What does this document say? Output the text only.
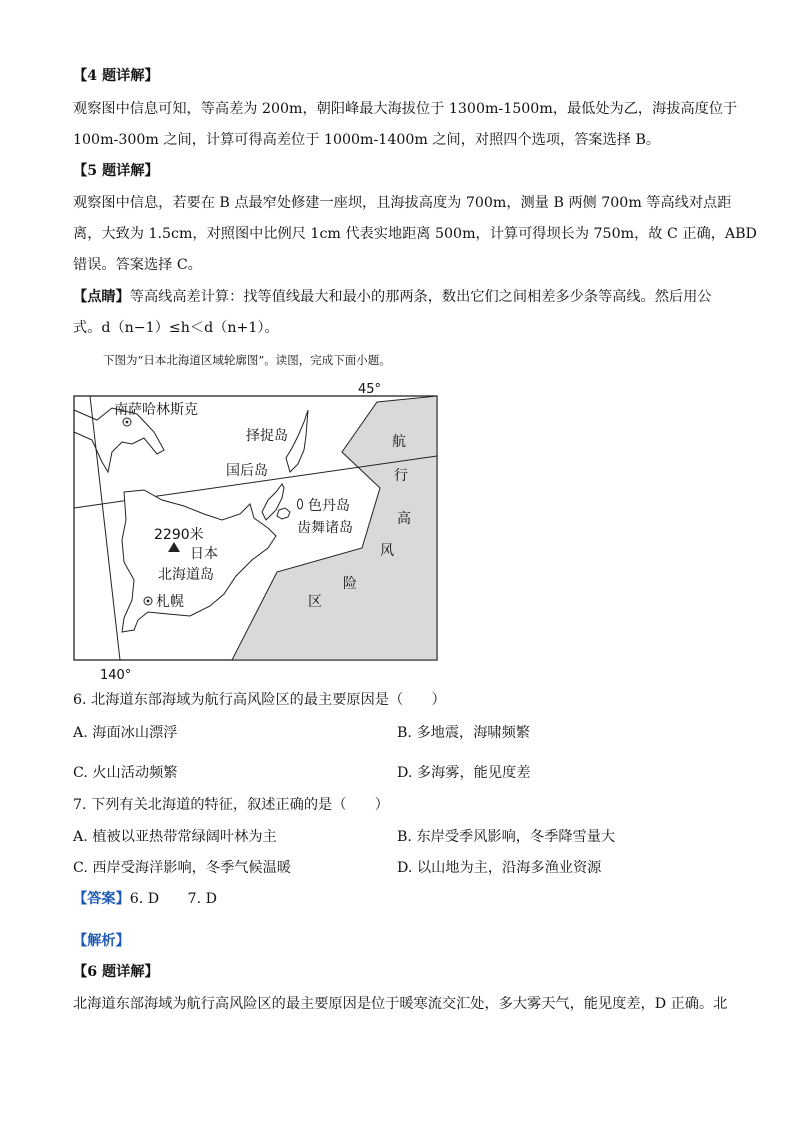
【4 题详解】
观察图中信息可知，等高差为 200m，朝阳峰最大海拔位于 1300m-1500m，最低处为乙，海拔高度位于
100m-300m 之间，计算可得高差位于 1000m-1400m 之间，对照四个选项，答案选择 B。
【5 题详解】
观察图中信息，若要在 B 点最窄处修建一座坝，且海拔高度为 700m，测量 B 两侧 700m 等高线对点距
离，大致为 1.5cm，对照图中比例尺 1cm 代表实地距离 500m，计算可得坝长为 750m，故 C 正确，ABD
错误。答案选择 C。
【点睛】等高线高差计算：找等值线最大和最小的那两条，数出它们之间相差多少条等高线。然后用公
式。d（n−1）≤h＜d（n+1）。
下图为“日本北海道区域轮廓图”。读图，完成下面小题。
45°
140°
南萨哈林斯克
择捉岛
国后岛
色丹岛
齿舞诸岛
2290米
日本
北海道岛
札幌
航
行
高
风
险
区
6. 北海道东部海域为航行高风险区的最主要原因是（　　）
A. 海面冰山漂浮	B. 多地震，海啸频繁
C. 火山活动频繁	D. 多海雾，能见度差
7. 下列有关北海道的特征，叙述正确的是（　　）
A. 植被以亚热带常绿阔叶林为主	B. 东岸受季风影响，冬季降雪量大
C. 西岸受海洋影响，冬季气候温暖	D. 以山地为主，沿海多渔业资源
【答案】6. D　　7. D
【解析】
【6 题详解】
北海道东部海域为航行高风险区的最主要原因是位于暖寒流交汇处，多大雾天气，能见度差，D 正确。北
